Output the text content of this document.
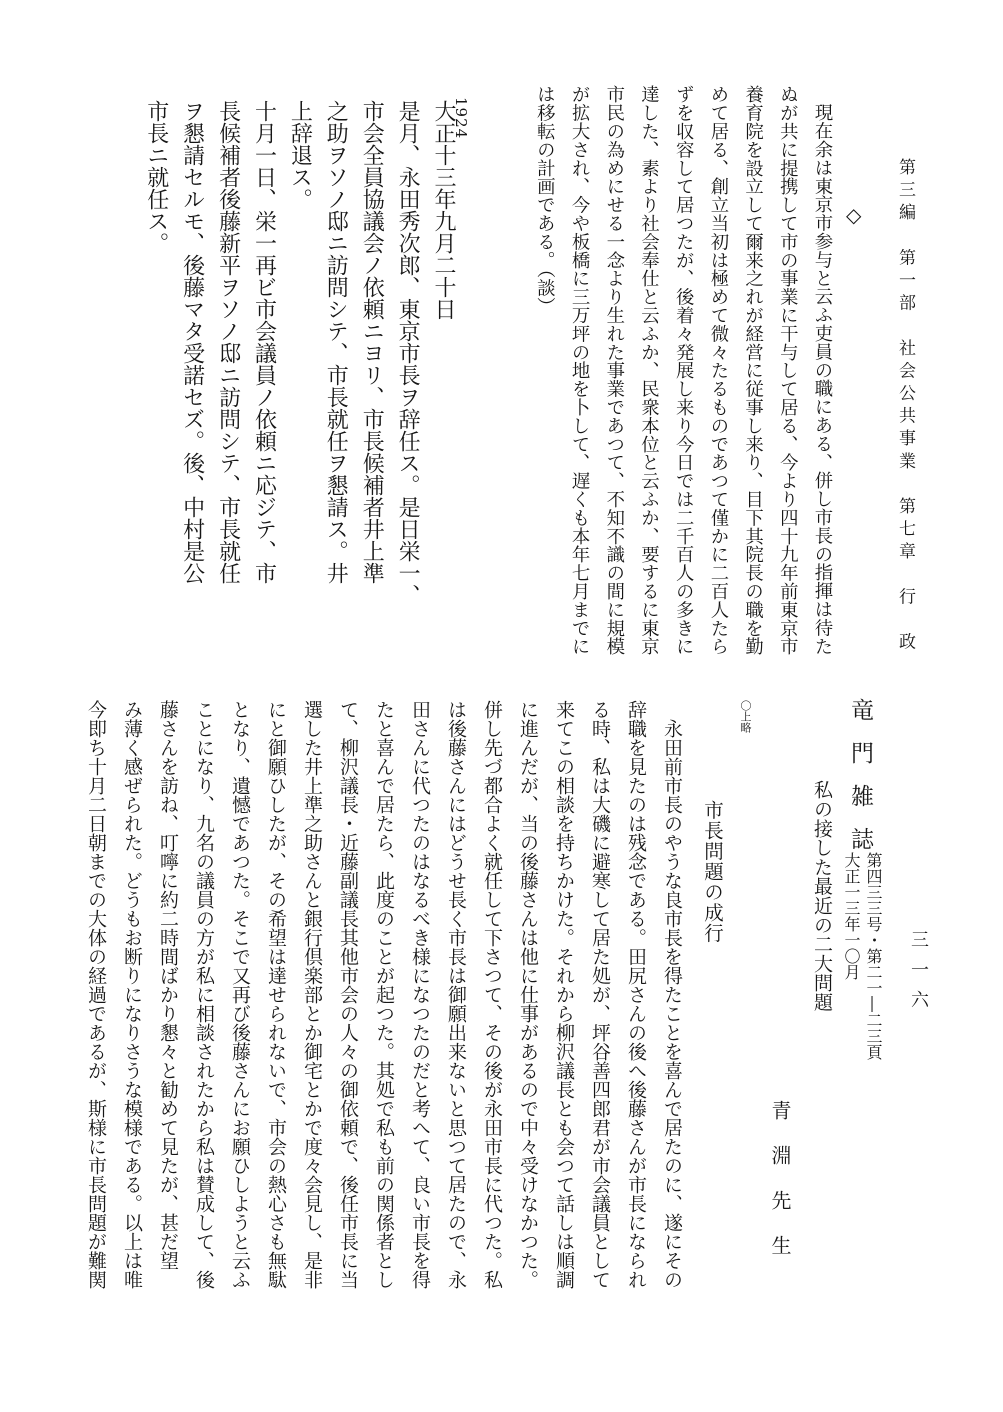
第三編　第一部　社会公共事業　第七章　行　政
三一六
◇
現在余は東京市参与と云ふ吏員の職にある、併し市長の指揮は待た
ぬが共に提携して市の事業に干与して居る、今より四十九年前東京市
養育院を設立して爾来之れが経営に従事し来り、目下其院長の職を勤
めて居る、創立当初は極めて微々たるものであつて僅かに二百人たら
ずを収容して居つたが、後着々発展し来り今日では二千百人の多きに
達した、素より社会奉仕と云ふか、民衆本位と云ふか、要するに東京
市民の為めにせる一念より生れた事業であつて、不知不識の間に規模
が拡大され、今や板橋に三万坪の地を卜して、遅くも本年七月までに
は移転の計画である。（談）
1924
大正十三年九月二十日
是月、永田秀次郎、東京市長ヲ辞任ス。是日栄一、
市会全員協議会ノ依頼ニヨリ、市長候補者井上準
之助ヲソノ邸ニ訪問シテ、市長就任ヲ懇請ス。井
上辞退ス。
十月一日、栄一再ビ市会議員ノ依頼ニ応ジテ、市
長候補者後藤新平ヲソノ邸ニ訪問シテ、市長就任
ヲ懇請セルモ、後藤マタ受諾セズ。後、中村是公
市長ニ就任ス。
竜門雑誌
第四三三号・第二一―二三頁
大正一三年一〇月
私の接した最近の二大問題
青淵先生
〇上略
市長問題の成行
永田前市長のやうな良市長を得たことを喜んで居たのに、遂にその
辞職を見たのは残念である。田尻さんの後へ後藤さんが市長になられ
る時、私は大磯に避寒して居た処が、坪谷善四郎君が市会議員として
来てこの相談を持ちかけた。それから柳沢議長とも会つて話しは順調
に進んだが、当の後藤さんは他に仕事があるので中々受けなかつた。
併し先づ都合よく就任して下さつて、その後が永田市長に代つた。私
は後藤さんにはどうせ長く市長は御願出来ないと思つて居たので、永
田さんに代つたのはなるべき様になつたのだと考へて、良い市長を得
たと喜んで居たら、此度のことが起つた。其処で私も前の関係者とし
て、柳沢議長・近藤副議長其他市会の人々の御依頼で、後任市長に当
選した井上準之助さんと銀行倶楽部とか御宅とかで度々会見し、是非
にと御願ひしたが、その希望は達せられないで、市会の熱心さも無駄
となり、遺憾であつた。そこで又再び後藤さんにお願ひしようと云ふ
ことになり、九名の議員の方が私に相談されたから私は賛成して、後
藤さんを訪ね、叮嚀に約二時間ばかり懇々と勧めて見たが、甚だ望
み薄く感ぜられた。どうもお断りになりさうな模様である。以上は唯
今即ち十月二日朝までの大体の経過であるが、斯様に市長問題が難関
